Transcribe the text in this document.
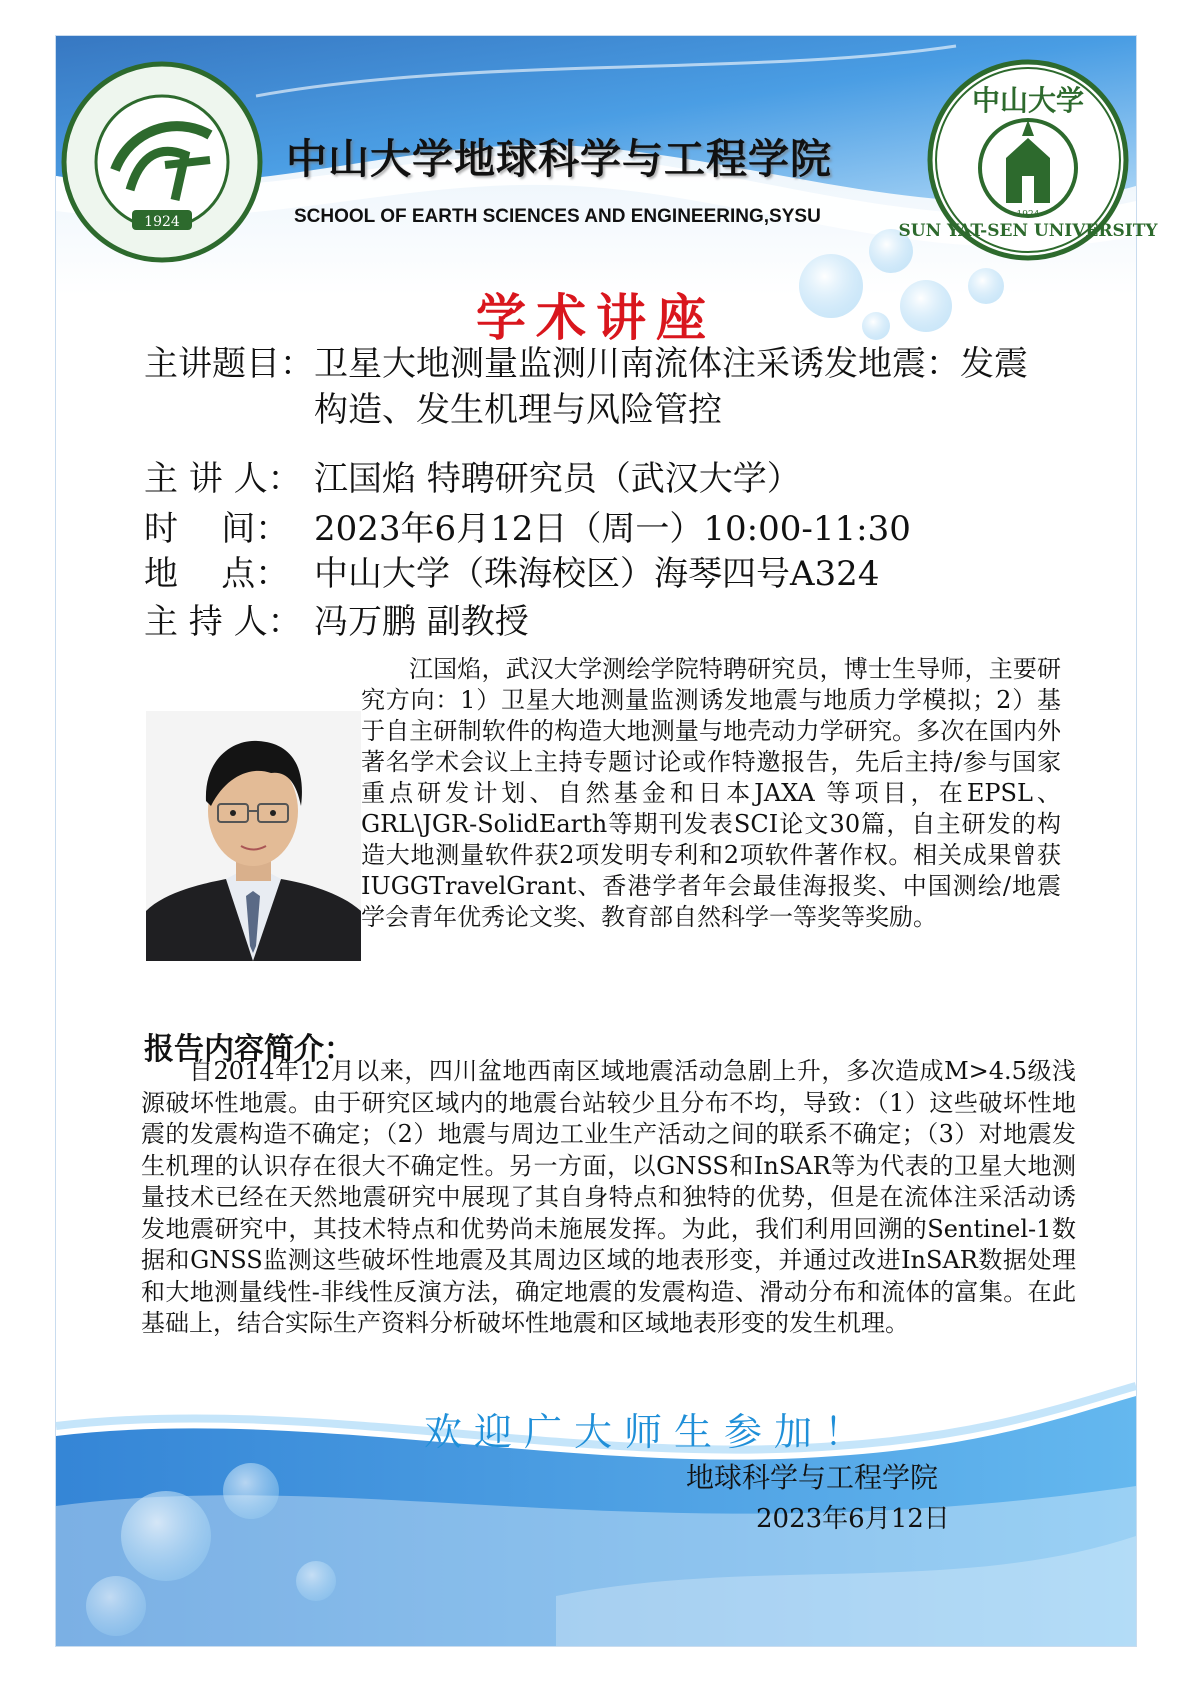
1924
中山大学
SUN YAT-SEN UNIVERSITY
1924
中山大学地球科学与工程学院
SCHOOL OF EARTH SCIENCES AND ENGINEERING,SYSU
学术讲座
主讲题目：卫星大地测量监测川南流体注采诱发地震：发震构造、发生机理与风险管控
主 讲 人： 江国焰 特聘研究员（武汉大学）
时    间： 2023年6月12日（周一）10:00-11:30
地    点： 中山大学（珠海校区）海琴四号A324
主 持 人： 冯万鹏 副教授
江国焰，武汉大学测绘学院特聘研究员，博士生导师，主要研究方向：1）卫星大地测量监测诱发地震与地质力学模拟；2）基于自主研制软件的构造大地测量与地壳动力学研究。多次在国内外著名学术会议上主持专题讨论或作特邀报告，先后主持/参与国家重点研发计划、自然基金和日本JAXA 等项目，在EPSL、GRL\JGR-SolidEarth等期刊发表SCI论文30篇，自主研发的构造大地测量软件获2项发明专利和2项软件著作权。相关成果曾获IUGGTravelGrant、香港学者年会最佳海报奖、中国测绘/地震学会青年优秀论文奖、教育部自然科学一等奖等奖励。
报告内容简介：
自2014年12月以来，四川盆地西南区域地震活动急剧上升，多次造成M>4.5级浅源破坏性地震。由于研究区域内的地震台站较少且分布不均，导致：（1）这些破坏性地震的发震构造不确定；（2）地震与周边工业生产活动之间的联系不确定；（3）对地震发生机理的认识存在很大不确定性。另一方面，以GNSS和InSAR等为代表的卫星大地测量技术已经在天然地震研究中展现了其自身特点和独特的优势，但是在流体注采活动诱发地震研究中，其技术特点和优势尚未施展发挥。为此，我们利用回溯的Sentinel-1数据和GNSS监测这些破坏性地震及其周边区域的地表形变，并通过改进InSAR数据处理和大地测量线性-非线性反演方法，确定地震的发震构造、滑动分布和流体的富集。在此基础上，结合实际生产资料分析破坏性地震和区域地表形变的发生机理。
欢迎广大师生参加！
地球科学与工程学院
2023年6月12日
